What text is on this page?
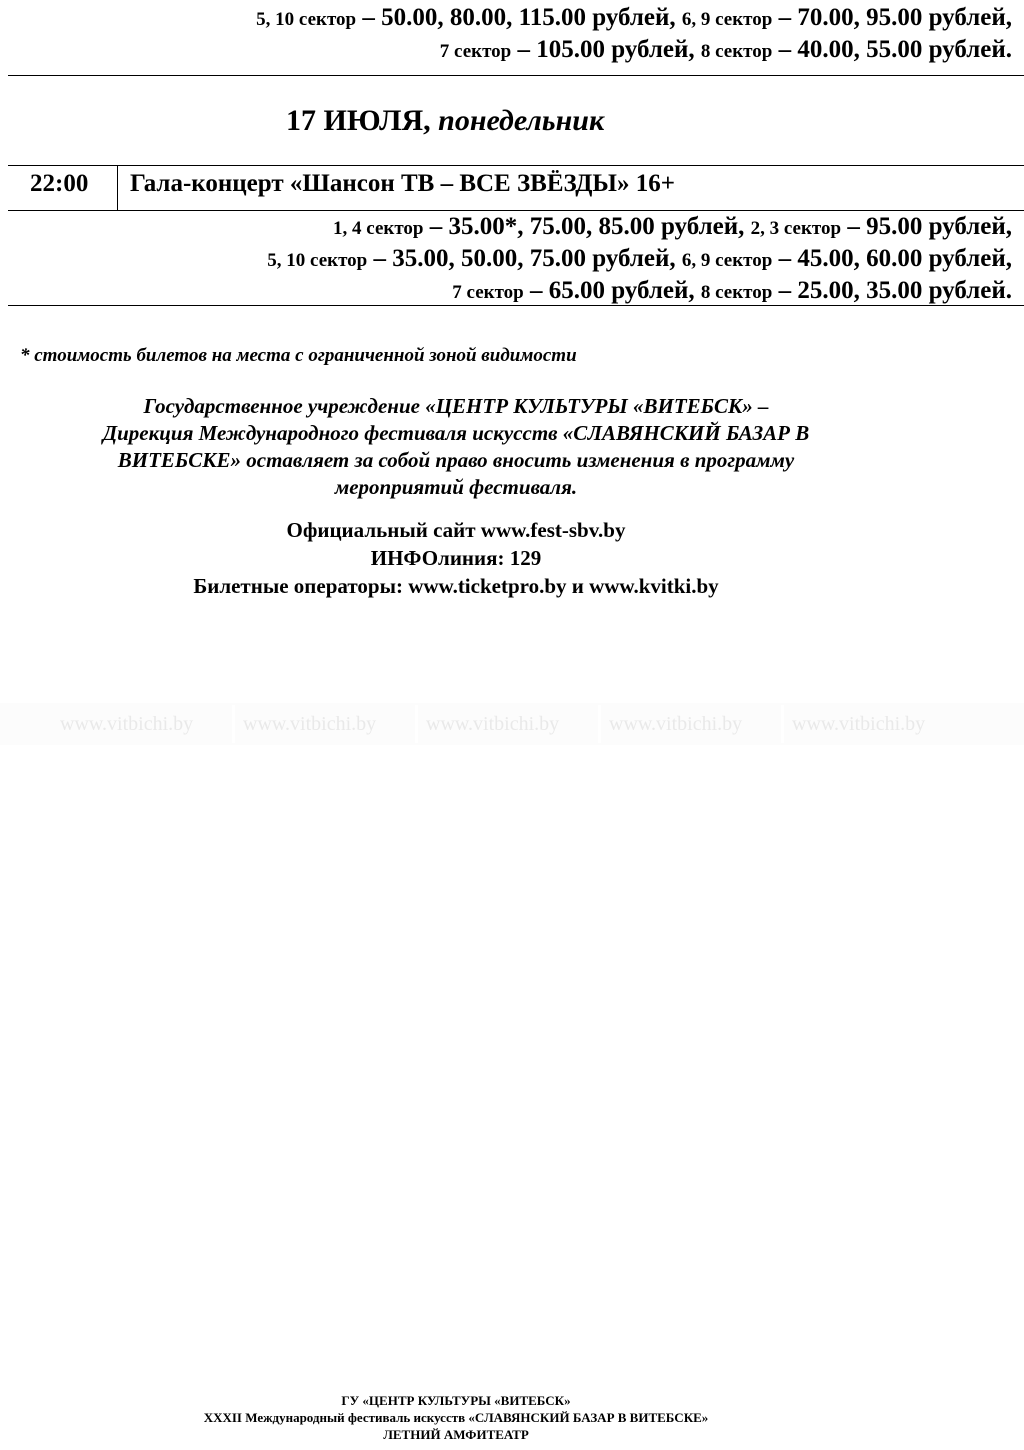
5, 10 сектор – 50.00, 80.00, 115.00 рублей, 6, 9 сектор – 70.00, 95.00 рублей,
7 сектор – 105.00 рублей, 8 сектор – 40.00, 55.00 рублей.
17 ИЮЛЯ, понедельник
22:00 Гала-концерт «Шансон ТВ – ВСЕ ЗВЁЗДЫ» 16+
1, 4 сектор – 35.00*, 75.00, 85.00 рублей, 2, 3 сектор – 95.00 рублей,
5, 10 сектор – 35.00, 50.00, 75.00 рублей, 6, 9 сектор – 45.00, 60.00 рублей,
7 сектор – 65.00 рублей, 8 сектор – 25.00, 35.00 рублей.
* стоимость билетов на места с ограниченной зоной видимости
Государственное учреждение «ЦЕНТР КУЛЬТУРЫ «ВИТЕБСК» –
Дирекция Международного фестиваля искусств «СЛАВЯНСКИЙ БАЗАР В
ВИТЕБСКЕ» оставляет за собой право вносить изменения в программу
мероприятий фестиваля.
Официальный сайт www.fest-sbv.by
ИНФОлиния: 129
Билетные операторы: www.ticketpro.by и www.kvitki.by
www.vitbichi.by www.vitbichi.by www.vitbichi.by www.vitbichi.by www.vitbichi.by
ГУ «ЦЕНТР КУЛЬТУРЫ «ВИТЕБСК»
XXXII Международный фестиваль искусств «СЛАВЯНСКИЙ БАЗАР В ВИТЕБСКЕ»
ЛЕТНИЙ АМФИТЕАТР
